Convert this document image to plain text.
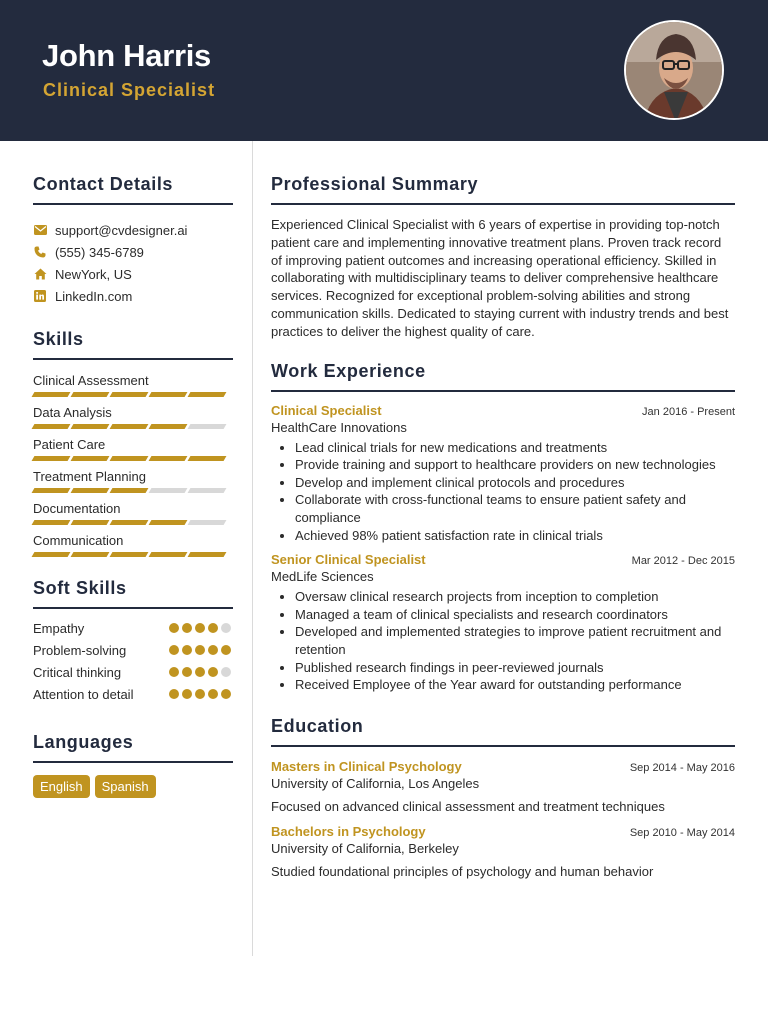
John Harris
Clinical Specialist
Contact Details
support@cvdesigner.ai
(555) 345-6789
NewYork, US
LinkedIn.com
Skills
Clinical Assessment
Data Analysis
Patient Care
Treatment Planning
Documentation
Communication
Soft Skills
Empathy
Problem-solving
Critical thinking
Attention to detail
Languages
English	Spanish
Professional Summary

Experienced Clinical Specialist with 6 years of expertise in providing top-notch patient care and implementing innovative treatment plans. Proven track record of improving patient outcomes and increasing operational efficiency. Skilled in collaborating with multidisciplinary teams to deliver comprehensive healthcare services. Recognized for exceptional problem-solving abilities and strong communication skills. Dedicated to staying current with industry trends and best practices to deliver the highest quality of care.

Work Experience
Clinical Specialist	Jan 2016 - Present
HealthCare Innovations
• Lead clinical trials for new medications and treatments
• Provide training and support to healthcare providers on new technologies
• Develop and implement clinical protocols and procedures
• Collaborate with cross-functional teams to ensure patient safety and compliance
• Achieved 98% patient satisfaction rate in clinical trials
Senior Clinical Specialist	Mar 2012 - Dec 2015
MedLife Sciences
• Oversaw clinical research projects from inception to completion
• Managed a team of clinical specialists and research coordinators
• Developed and implemented strategies to improve patient recruitment and retention
• Published research findings in peer-reviewed journals
• Received Employee of the Year award for outstanding performance
Education
Masters in Clinical Psychology	Sep 2014 - May 2016
University of California, Los Angeles
Focused on advanced clinical assessment and treatment techniques
Bachelors in Psychology	Sep 2010 - May 2014
University of California, Berkeley
Studied foundational principles of psychology and human behavior
